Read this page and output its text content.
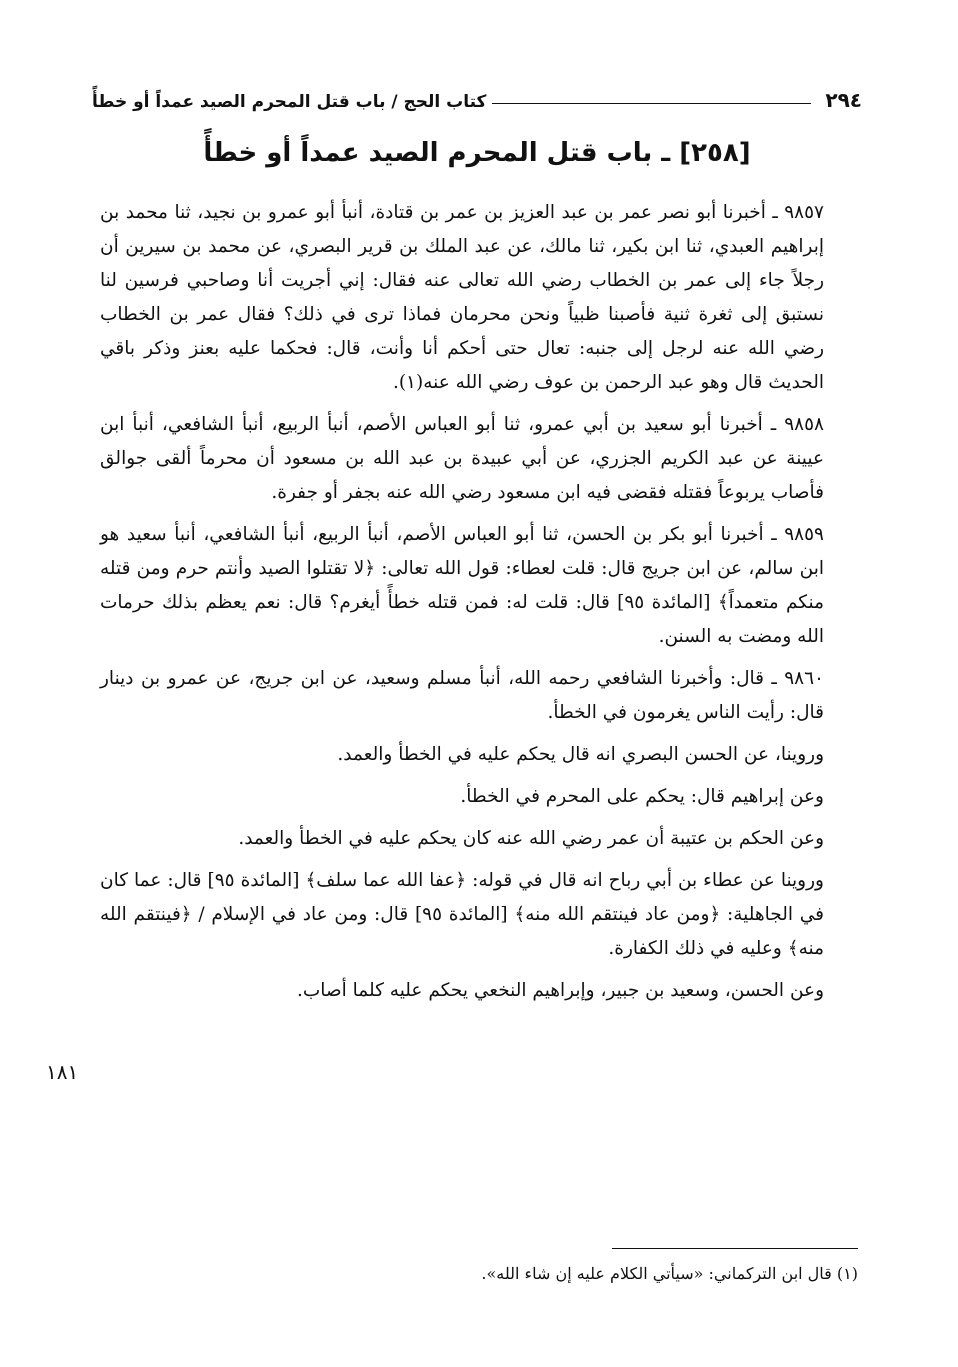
٢٩٤
كتاب الحج / باب قتل المحرم الصيد عمداً أو خطأً
[٢٥٨] ـ باب قتل المحرم الصيد عمداً أو خطأً

٩٨٥٧ ـ أخبرنا أبو نصر عمر بن عبد العزيز بن عمر بن قتادة، أنبأ أبو عمرو بن نجيد، ثنا محمد بن إبراهيم العبدي، ثنا ابن بكير، ثنا مالك، عن عبد الملك بن قرير البصري، عن محمد بن سيرين أن رجلاً جاء إلى عمر بن الخطاب رضي الله تعالى عنه فقال: إني أجريت أنا وصاحبي فرسين لنا نستبق إلى ثغرة ثنية فأصبنا ظبياً ونحن محرمان فماذا ترى في ذلك؟ فقال عمر بن الخطاب رضي الله عنه لرجل إلى جنبه: تعال حتى أحكم أنا وأنت، قال: فحكما عليه بعنز وذكر باقي الحديث قال وهو عبد الرحمن بن عوف رضي الله عنه(١).

٩٨٥٨ ـ أخبرنا أبو سعيد بن أبي عمرو، ثنا أبو العباس الأصم، أنبأ الربيع، أنبأ الشافعي، أنبأ ابن عيينة عن عبد الكريم الجزري، عن أبي عبيدة بن عبد الله بن مسعود أن محرماً ألقى جوالق فأصاب يربوعاً فقتله فقضى فيه ابن مسعود رضي الله عنه بجفر أو جفرة.

٩٨٥٩ ـ أخبرنا أبو بكر بن الحسن، ثنا أبو العباس الأصم، أنبأ الربيع، أنبأ الشافعي، أنبأ سعيد هو ابن سالم، عن ابن جريج قال: قلت لعطاء: قول الله تعالى: ﴿لا تقتلوا الصيد وأنتم حرم ومن قتله منكم متعمداً﴾ [المائدة ٩٥] قال: قلت له: فمن قتله خطأً أيغرم؟ قال: نعم يعظم بذلك حرمات الله ومضت به السنن.

٩٨٦٠ ـ قال: وأخبرنا الشافعي رحمه الله، أنبأ مسلم وسعيد، عن ابن جريج، عن عمرو بن دينار قال: رأيت الناس يغرمون في الخطأ.

وروينا، عن الحسن البصري انه قال يحكم عليه في الخطأ والعمد.

وعن إبراهيم قال: يحكم على المحرم في الخطأ.

وعن الحكم بن عتيبة أن عمر رضي الله عنه كان يحكم عليه في الخطأ والعمد.

وروينا عن عطاء بن أبي رباح انه قال في قوله: ﴿عفا الله عما سلف﴾ [المائدة ٩٥] قال: عما كان في الجاهلية: ﴿ومن عاد فينتقم الله منه﴾ [المائدة ٩٥] قال: ومن عاد في الإسلام / ﴿فينتقم الله منه﴾ وعليه في ذلك الكفارة.

وعن الحسن، وسعيد بن جبير، وإبراهيم النخعي يحكم عليه كلما أصاب.

١٨١
(١) قال ابن التركماني: «سيأتي الكلام عليه إن شاء الله».
